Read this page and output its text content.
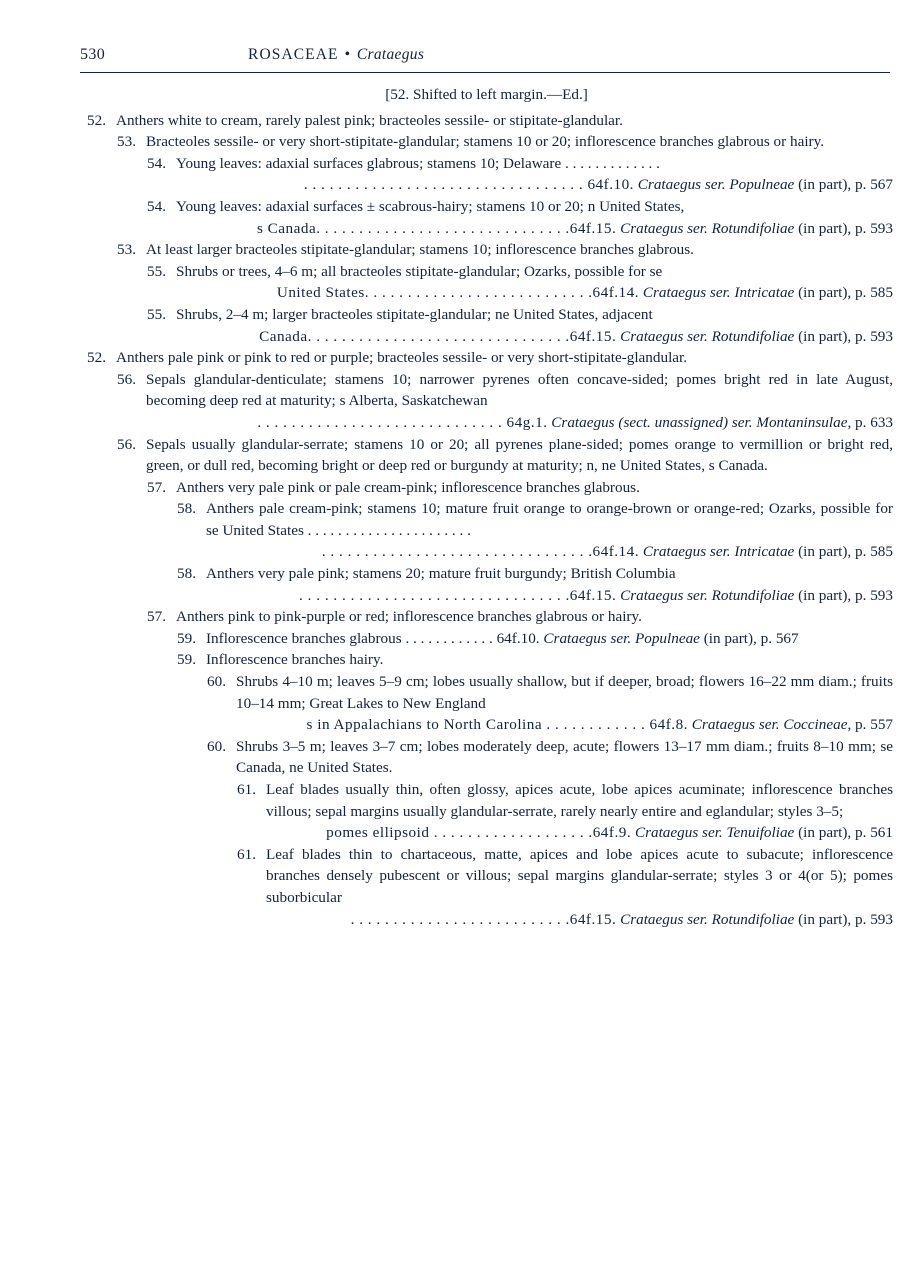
530	ROSACEAE • Crataegus

[52. Shifted to left margin.—Ed.]

52. Anthers white to cream, rarely palest pink; bracteoles sessile- or stipitate-glandular.

53. Bracteoles sessile- or very short-stipitate-glandular; stamens 10 or 20; inflorescence branches glabrous or hairy.

54. Young leaves: adaxial surfaces glabrous; stamens 10; Delaware . . . . . . . . . . . . .

. . . . . . . . . . . . . . . . . . . . . . . . . . . . . . . . . 64f.10. Crataegus ser. Populneae (in part), p. 567

54. Young leaves: adaxial surfaces ± scabrous-hairy; stamens 10 or 20; n United States,

s Canada. . . . . . . . . . . . . . . . . . . . . . . . . . . . . .64f.15. Crataegus ser. Rotundifoliae (in part), p. 593

53. At least larger bracteoles stipitate-glandular; stamens 10; inflorescence branches glabrous.

55. Shrubs or trees, 4–6 m; all bracteoles stipitate-glandular; Ozarks, possible for se

United States. . . . . . . . . . . . . . . . . . . . . . . . . . .64f.14. Crataegus ser. Intricatae (in part), p. 585

55. Shrubs, 2–4 m; larger bracteoles stipitate-glandular; ne United States, adjacent

Canada. . . . . . . . . . . . . . . . . . . . . . . . . . . . . . .64f.15. Crataegus ser. Rotundifoliae (in part), p. 593

52. Anthers pale pink or pink to red or purple; bracteoles sessile- or very short-stipitate-glandular.

56. Sepals glandular-denticulate; stamens 10; narrower pyrenes often concave-sided; pomes bright red in late August, becoming deep red at maturity; s Alberta, Saskatchewan

. . . . . . . . . . . . . . . . . . . . . . . . . . . . . 64g.1. Crataegus (sect. unassigned) ser. Montaninsulae, p. 633

56. Sepals usually glandular-serrate; stamens 10 or 20; all pyrenes plane-sided; pomes orange to vermillion or bright red, green, or dull red, becoming bright or deep red or burgundy at maturity; n, ne United States, s Canada.

57. Anthers very pale pink or pale cream-pink; inflorescence branches glabrous.

58. Anthers pale cream-pink; stamens 10; mature fruit orange to orange-brown or orange-red; Ozarks, possible for se United States . . . . . . . . . . . . . . . . . . . . . .

. . . . . . . . . . . . . . . . . . . . . . . . . . . . . . . .64f.14. Crataegus ser. Intricatae (in part), p. 585

58. Anthers very pale pink; stamens 20; mature fruit burgundy; British Columbia

. . . . . . . . . . . . . . . . . . . . . . . . . . . . . . . .64f.15. Crataegus ser. Rotundifoliae (in part), p. 593

57. Anthers pink to pink-purple or red; inflorescence branches glabrous or hairy.

59. Inflorescence branches glabrous . . . . . . . . . . . . 64f.10. Crataegus ser. Populneae (in part), p. 567

59. Inflorescence branches hairy.

60. Shrubs 4–10 m; leaves 5–9 cm; lobes usually shallow, but if deeper, broad; flowers 16–22 mm diam.; fruits 10–14 mm; Great Lakes to New England

s in Appalachians to North Carolina . . . . . . . . . . . . 64f.8. Crataegus ser. Coccineae, p. 557

60. Shrubs 3–5 m; leaves 3–7 cm; lobes moderately deep, acute; flowers 13–17 mm diam.; fruits 8–10 mm; se Canada, ne United States.

61. Leaf blades usually thin, often glossy, apices acute, lobe apices acuminate; inflorescence branches villous; sepal margins usually glandular-serrate, rarely nearly entire and eglandular; styles 3–5;

pomes ellipsoid . . . . . . . . . . . . . . . . . . .64f.9. Crataegus ser. Tenuifoliae (in part), p. 561

61. Leaf blades thin to chartaceous, matte, apices and lobe apices acute to subacute; inflorescence branches densely pubescent or villous; sepal margins glandular-serrate; styles 3 or 4(or 5); pomes suborbicular

. . . . . . . . . . . . . . . . . . . . . . . . . .64f.15. Crataegus ser. Rotundifoliae (in part), p. 593
